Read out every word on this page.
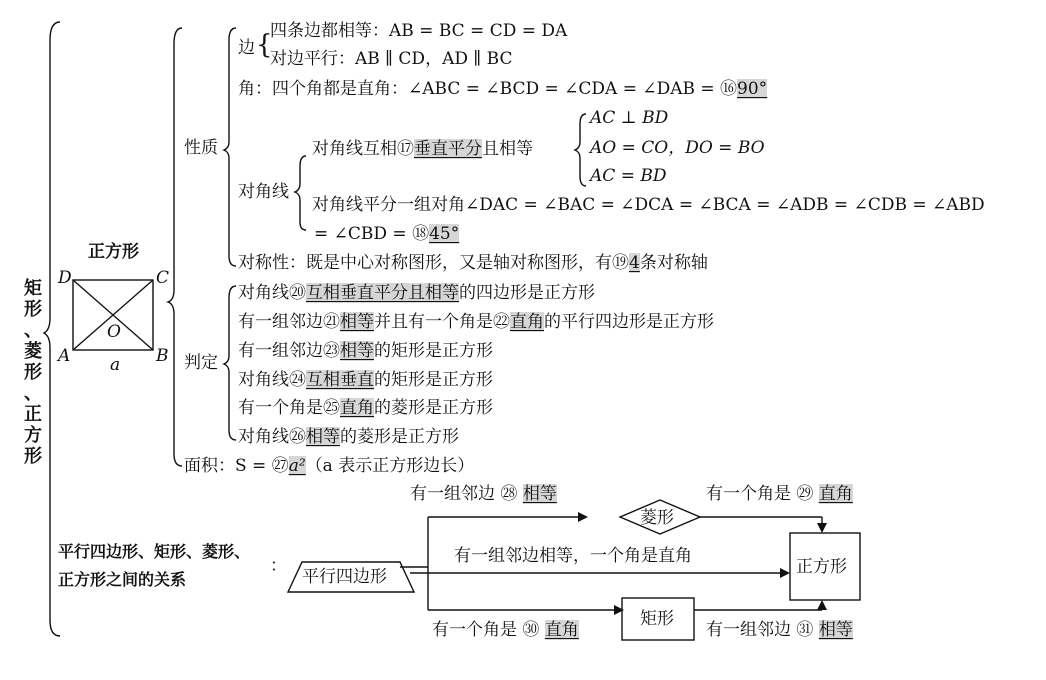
矩
形
、
菱
形
、
正
方
形
正方形
D	C
O
A	B
a
性质
判定
边 {
四条边都相等：AB = BC = CD = DA
对边平行：AB ∥ CD，AD ∥ BC
角：四个角都是直角：∠ABC = ∠BCD = ∠CDA = ∠DAB = ⑯90°
对角线
对角线互相⑰垂直平分且相等
AC ⊥ BD
AO = CO，DO = BO
AC = BD
对角线平分一组对角∠DAC = ∠BAC = ∠DCA = ∠BCA = ∠ADB = ∠CDB = ∠ABD
= ∠CBD = ⑱45°
对称性：既是中心对称图形，又是轴对称图形，有⑲4条对称轴
对角线⑳互相垂直平分且相等的四边形是正方形
有一组邻边㉑相等并且有一个角是㉒直角的平行四边形是正方形
有一组邻边㉓相等的矩形是正方形
对角线㉔互相垂直的矩形是正方形
有一个角是㉕直角的菱形是正方形
对角线㉖相等的菱形是正方形
面积：S = ㉗a²（a 表示正方形边长）
平行四边形、矩形、菱形、
正方形之间的关系
：
平行四边形
菱形
正方形
矩形
有一组邻边 ㉘ 相等	有一个角是 ㉙ 直角
有一组邻边相等，一个角是直角
有一个角是 ㉚ 直角	有一组邻边 ㉛ 相等
